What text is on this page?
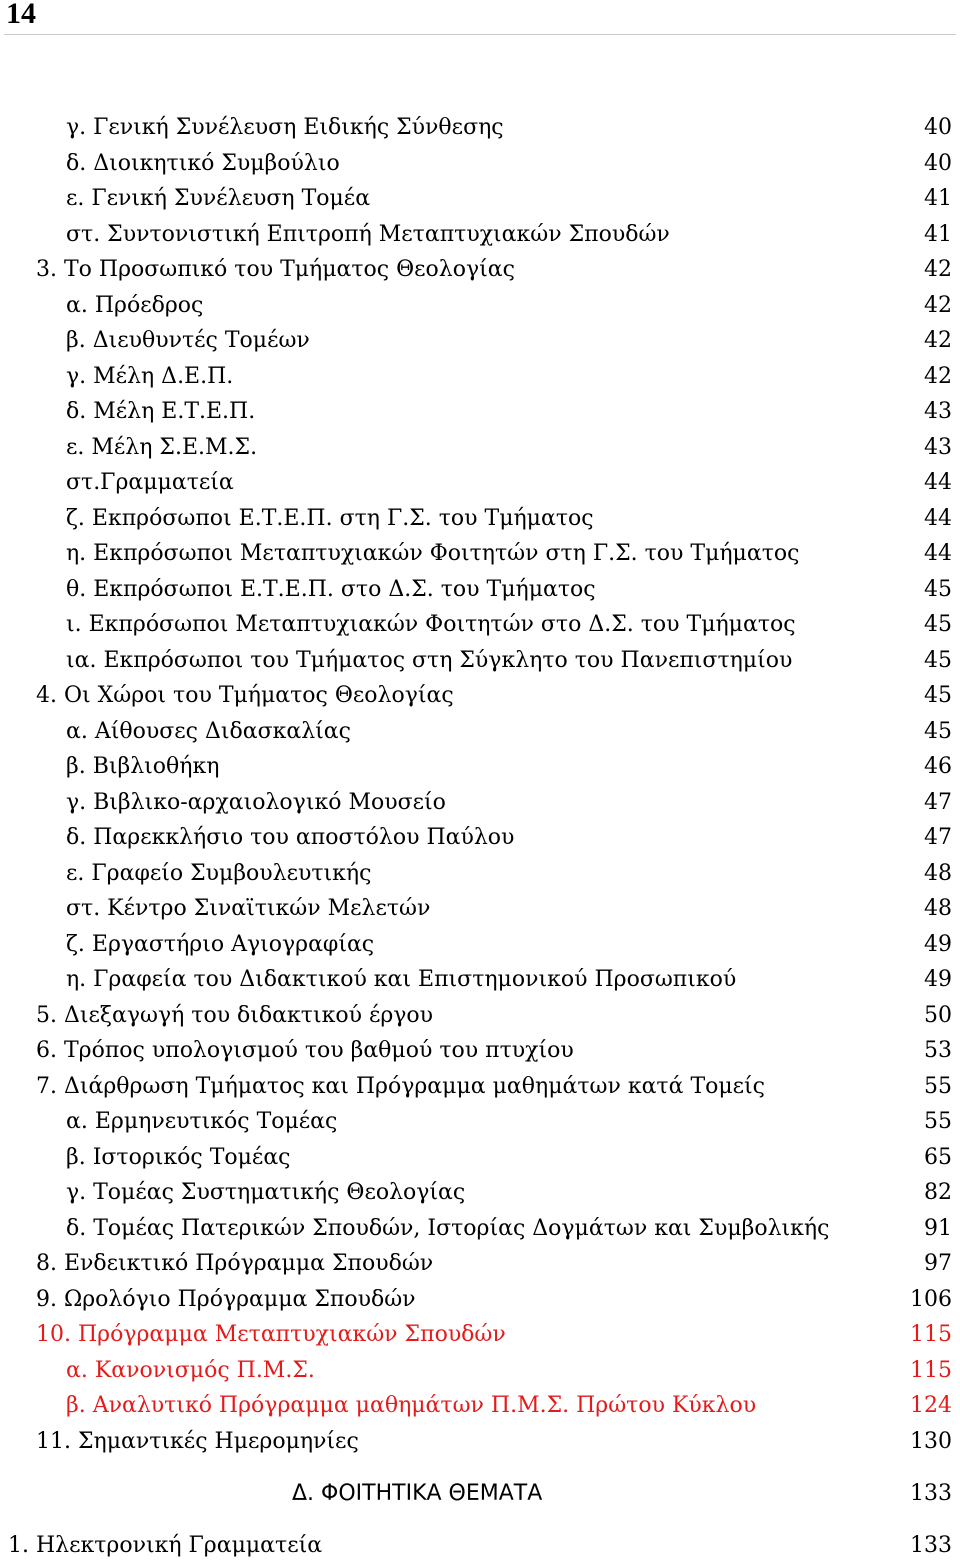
14
γ. Γενική Συνέλευση Ειδικής Σύνθεσης	40
δ. Διοικητικό Συμβούλιο	40
ε. Γενική Συνέλευση Τομέα	41
στ. Συντονιστική Επιτροπή Μεταπτυχιακών Σπουδών	41
3. Το Προσωπικό του Τμήματος Θεολογίας	42
α. Πρόεδρος	42
β. Διευθυντές Τομέων	42
γ. Μέλη Δ.Ε.Π.	42
δ. Μέλη Ε.Τ.Ε.Π.	43
ε. Μέλη Σ.Ε.Μ.Σ.	43
στ.Γραμματεία	44
ζ. Εκπρόσωποι Ε.Τ.Ε.Π. στη Γ.Σ. του Τμήματος	44
η. Εκπρόσωποι Μεταπτυχιακών Φοιτητών στη Γ.Σ. του Τμήματος	44
θ. Εκπρόσωποι Ε.Τ.Ε.Π. στο Δ.Σ. του Τμήματος	45
ι. Εκπρόσωποι Μεταπτυχιακών Φοιτητών στο Δ.Σ. του Τμήματος	45
ια. Εκπρόσωποι του Τμήματος στη Σύγκλητο του Πανεπιστημίου	45
4. Οι Χώροι του Τμήματος Θεολογίας	45
α. Αίθουσες Διδασκαλίας	45
β. Βιβλιοθήκη	46
γ. Βιβλικο-αρχαιολογικό Μουσείο	47
δ. Παρεκκλήσιο του αποστόλου Παύλου	47
ε. Γραφείο Συμβουλευτικής	48
στ. Κέντρο Σιναϊτικών Μελετών	48
ζ. Εργαστήριο Αγιογραφίας	49
η. Γραφεία του Διδακτικού και Επιστημονικού Προσωπικού	49
5. Διεξαγωγή του διδακτικού έργου	50
6. Τρόπος υπολογισμού του βαθμού του πτυχίου	53
7. Διάρθρωση Τμήματος και Πρόγραμμα μαθημάτων κατά Τομείς	55
α. Ερμηνευτικός Τομέας	55
β. Ιστορικός Τομέας	65
γ. Τομέας Συστηματικής Θεολογίας	82
δ. Τομέας Πατερικών Σπουδών, Ιστορίας Δογμάτων και Συμβολικής	91
8. Ενδεικτικό Πρόγραμμα Σπουδών	97
9. Ωρολόγιο Πρόγραμμα Σπουδών	106
10. Πρόγραμμα Μεταπτυχιακών Σπουδών	115
α. Κανονισμός Π.Μ.Σ.	115
β. Αναλυτικό Πρόγραμμα μαθημάτων Π.Μ.Σ. Πρώτου Κύκλου	124
11. Σημαντικές Ημερομηνίες	130
Δ. ΦΟΙΤΗΤΙΚΑ ΘΕΜΑΤΑ	133
1. Ηλεκτρονική Γραμματεία	133
